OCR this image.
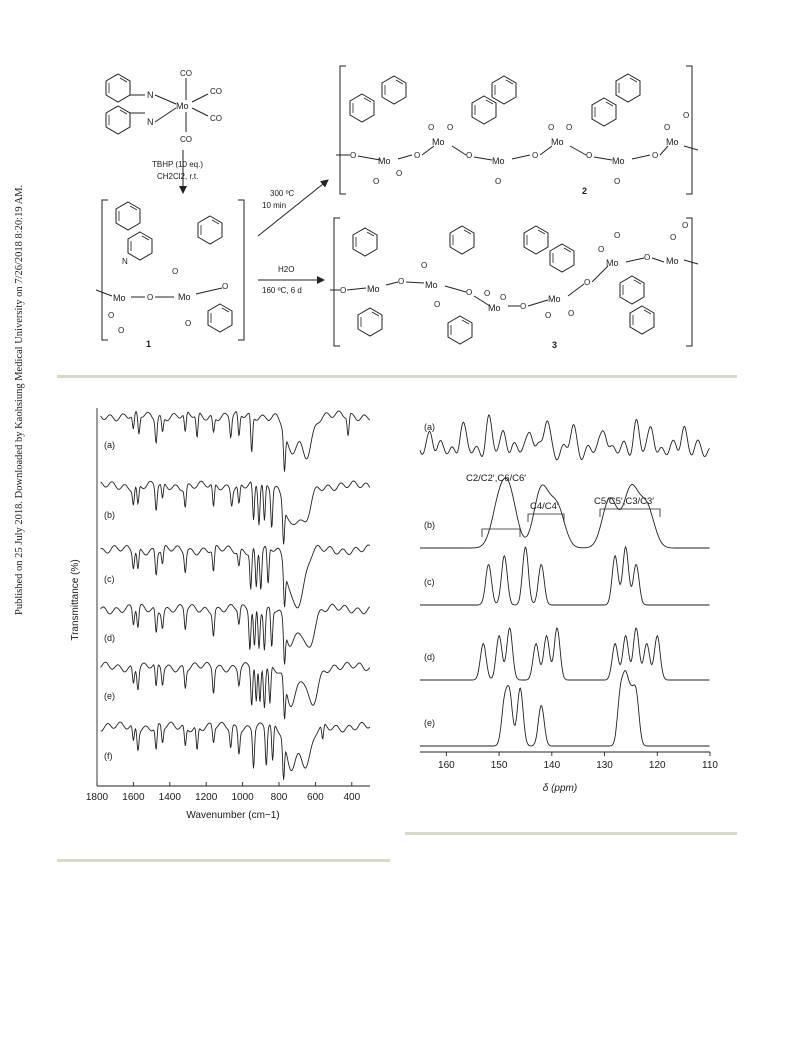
Published on 25 July 2018. Downloaded by Kaohsiung Medical University on 7/26/2018 8:20:19 AM.
N
N
Mo
CO
CO
CO
CO
TBHP (10 eq.)
CH2Cl2, r.t.
N
Mo	O
O
O
Mo
O
O
O
1
300 ºC
10 min
H2O
160 ºC, 6 d
O
Mo
O
O
O
Mo
O O
O
Mo
O
O
Mo
O O
O
Mo
O
O
Mo
O
O
2
O Mo
O Mo
O
O
O
Mo
O O
O
Mo
O O
O
Mo
O
O
O Mo
O
O
3
(a)
(b)
(c)
(d)
(e)
(f)
1800 1600 1400 1200 1000 800 600 400
Transmittance (%)
Wavenumber (cm−1)
(a)
(b)
(c)
(d)
(e)
160	150	140	130	120	110
C2/C2′,C6/C6′
C4/C4′	C5/C5′,C3/C3′
δ (ppm)
